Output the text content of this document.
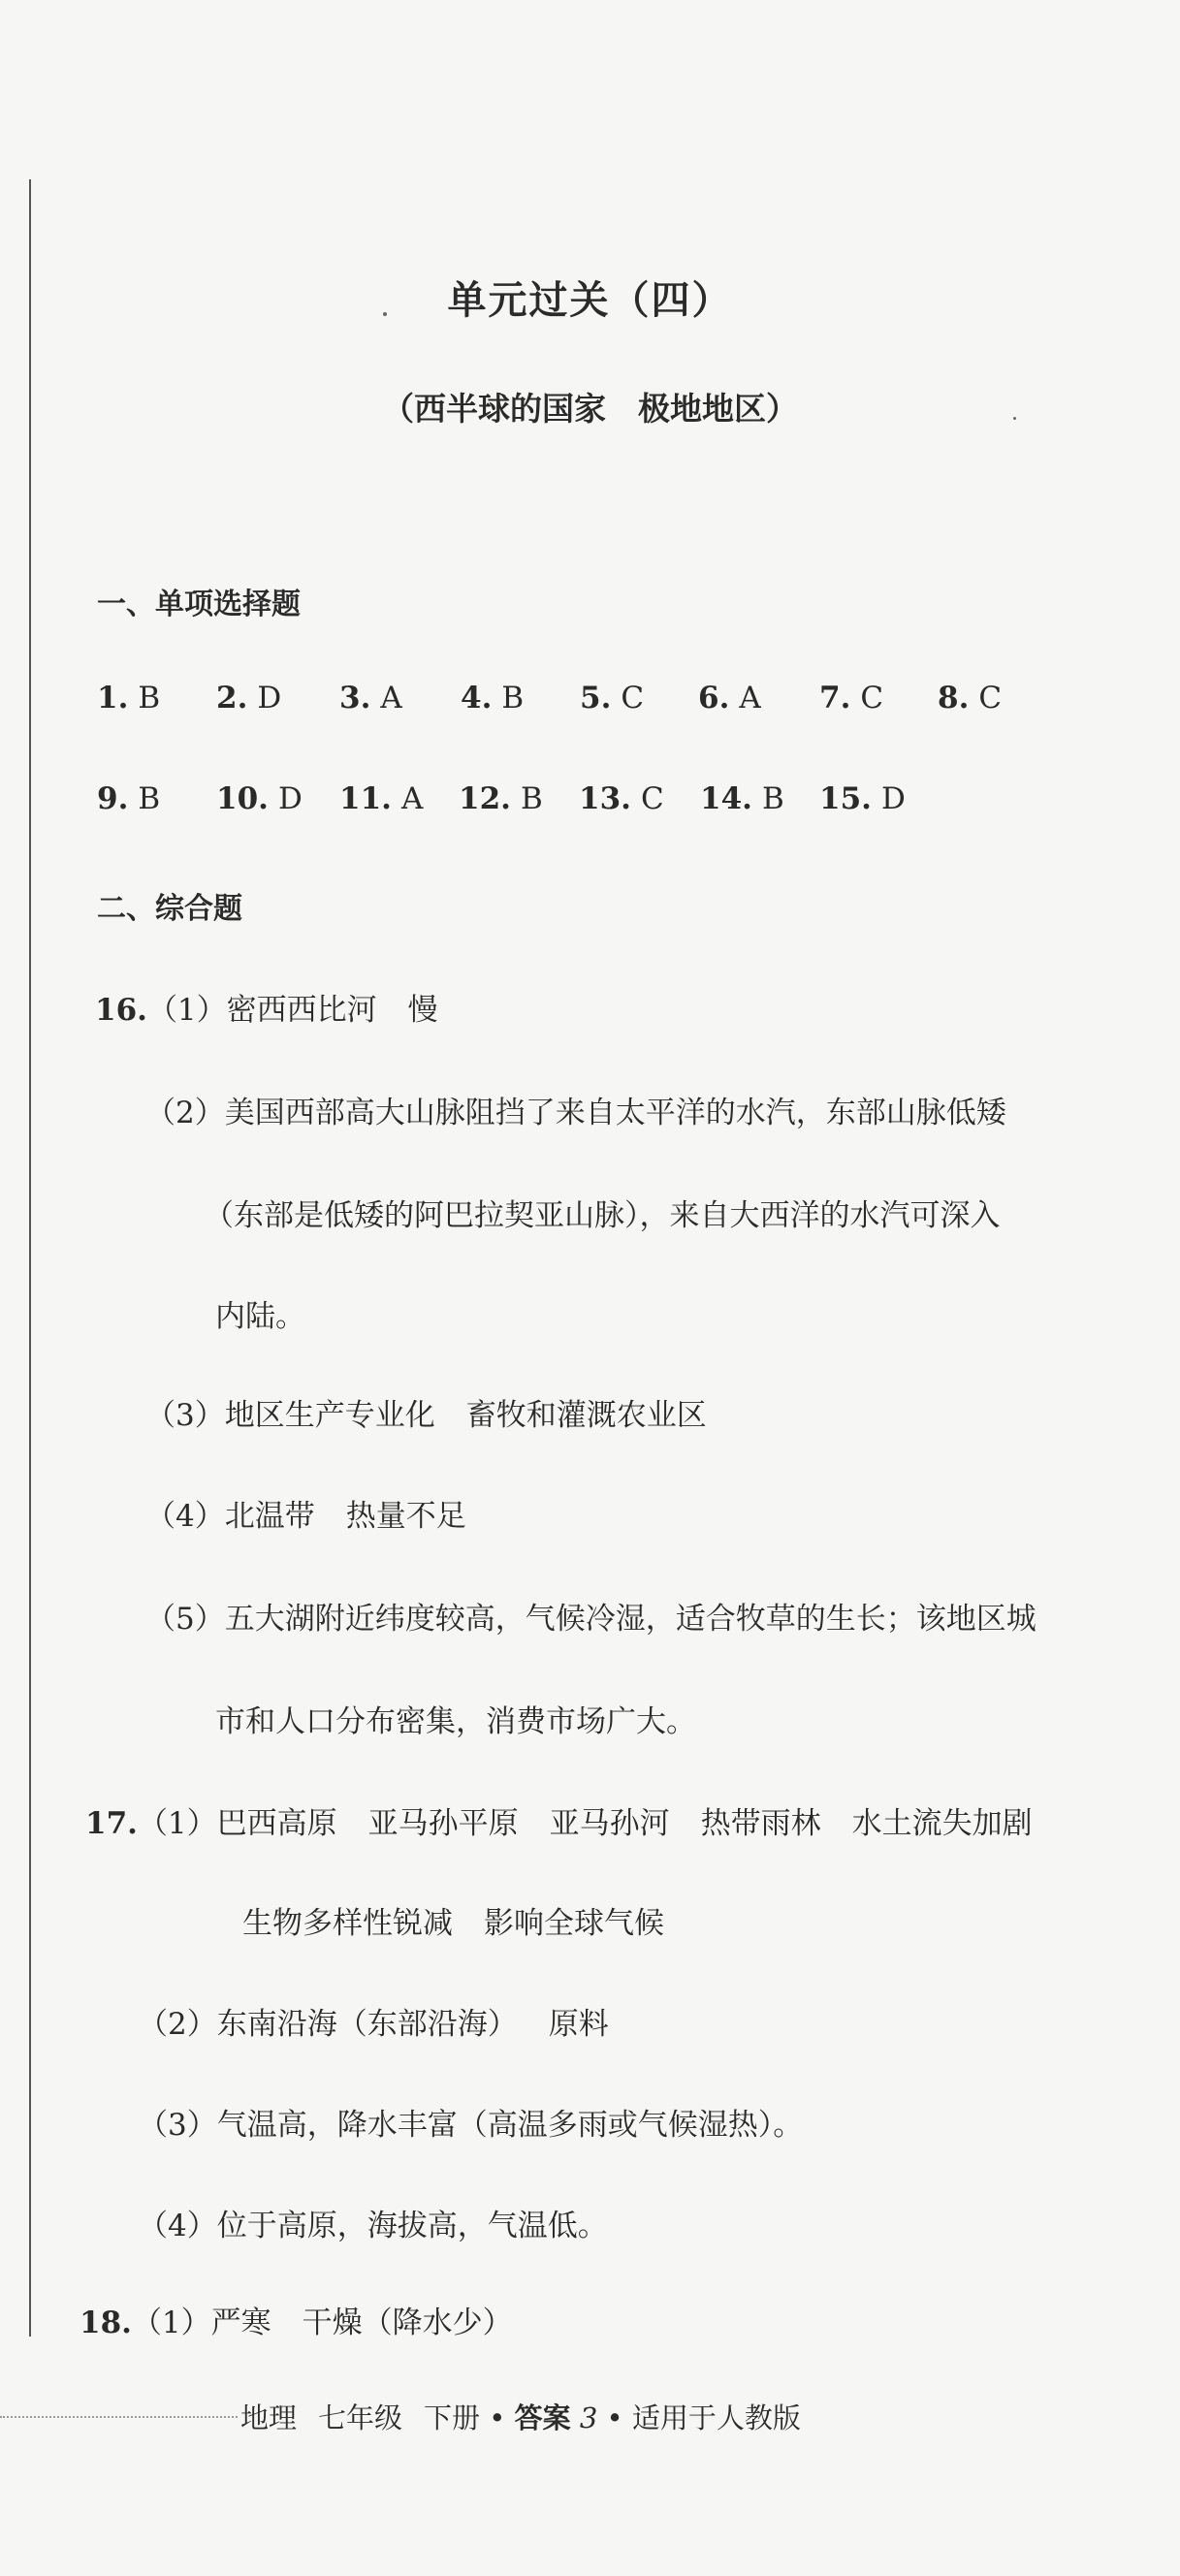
单元过关（四）
（西半球的国家　极地地区）
一、单项选择题
1. B 2. D 3. A 4. B 5. C 6. A 7. C 8. C
9. B 10. D 11. A 12. B 13. C 14. B 15. D
二、综合题
16.（1）密西西比河 慢
（2）美国西部高大山脉阻挡了来自太平洋的水汽，东部山脉低矮
（东部是低矮的阿巴拉契亚山脉），来自大西洋的水汽可深入
内陆。
（3）地区生产专业化 畜牧和灌溉农业区
（4）北温带 热量不足
（5）五大湖附近纬度较高，气候冷湿，适合牧草的生长；该地区城
市和人口分布密集，消费市场广大。
17.（1）巴西高原 亚马孙平原 亚马孙河 热带雨林 水土流失加剧
生物多样性锐减 影响全球气候
（2）东南沿海（东部沿海） 原料
（3）气温高，降水丰富（高温多雨或气候湿热）。
（4）位于高原，海拔高，气温低。
18.（1）严寒 干燥（降水少）
地理 七年级 下册 • 答案 3 • 适用于人教版
